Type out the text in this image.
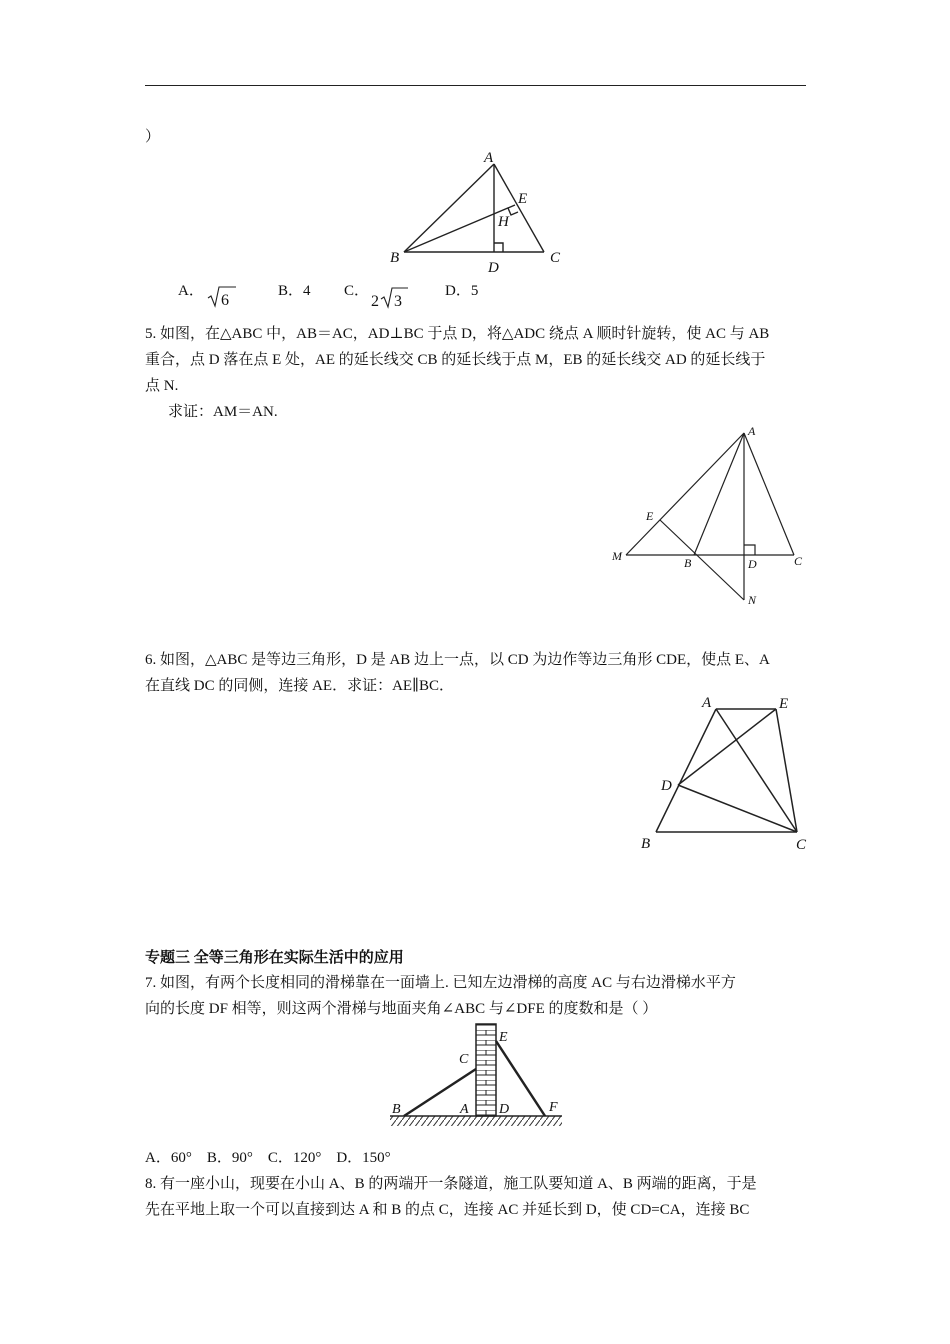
）
A
E
H
B	C
D
A．
6
B．4 C．
2 3
D．5
5. 如图，在△ABC 中，AB＝AC，AD⊥BC 于点 D，将△ADC 绕点 A 顺时针旋转，使 AC 与 AB
重合，点 D 落在点 E 处，AE 的延长线交 CB 的延长线于点 M，EB 的延长线交 AD 的延长线于
点 N.
求证：AM＝AN.
A
E
M	B	D	C
N
6. 如图，△ABC 是等边三角形，D 是 AB 边上一点，以 CD 为边作等边三角形 CDE，使点 E、A
在直线 DC 的同侧，连接 AE．求证：AE∥BC．
A	E
D
B	C
专题三 全等三角形在实际生活中的应用
7. 如图，有两个长度相同的滑梯靠在一面墙上. 已知左边滑梯的高度 AC 与右边滑梯水平方
向的长度 DF 相等，则这两个滑梯与地面夹角∠ABC 与∠DFE 的度数和是（ ）
B	A
C
D
E
F
A．60°    B．90°    C．120°    D．150°
8. 有一座小山，现要在小山 A、B 的两端开一条隧道，施工队要知道 A、B 两端的距离，于是
先在平地上取一个可以直接到达 A 和 B 的点 C，连接 AC 并延长到 D，使 CD=CA，连接 BC
